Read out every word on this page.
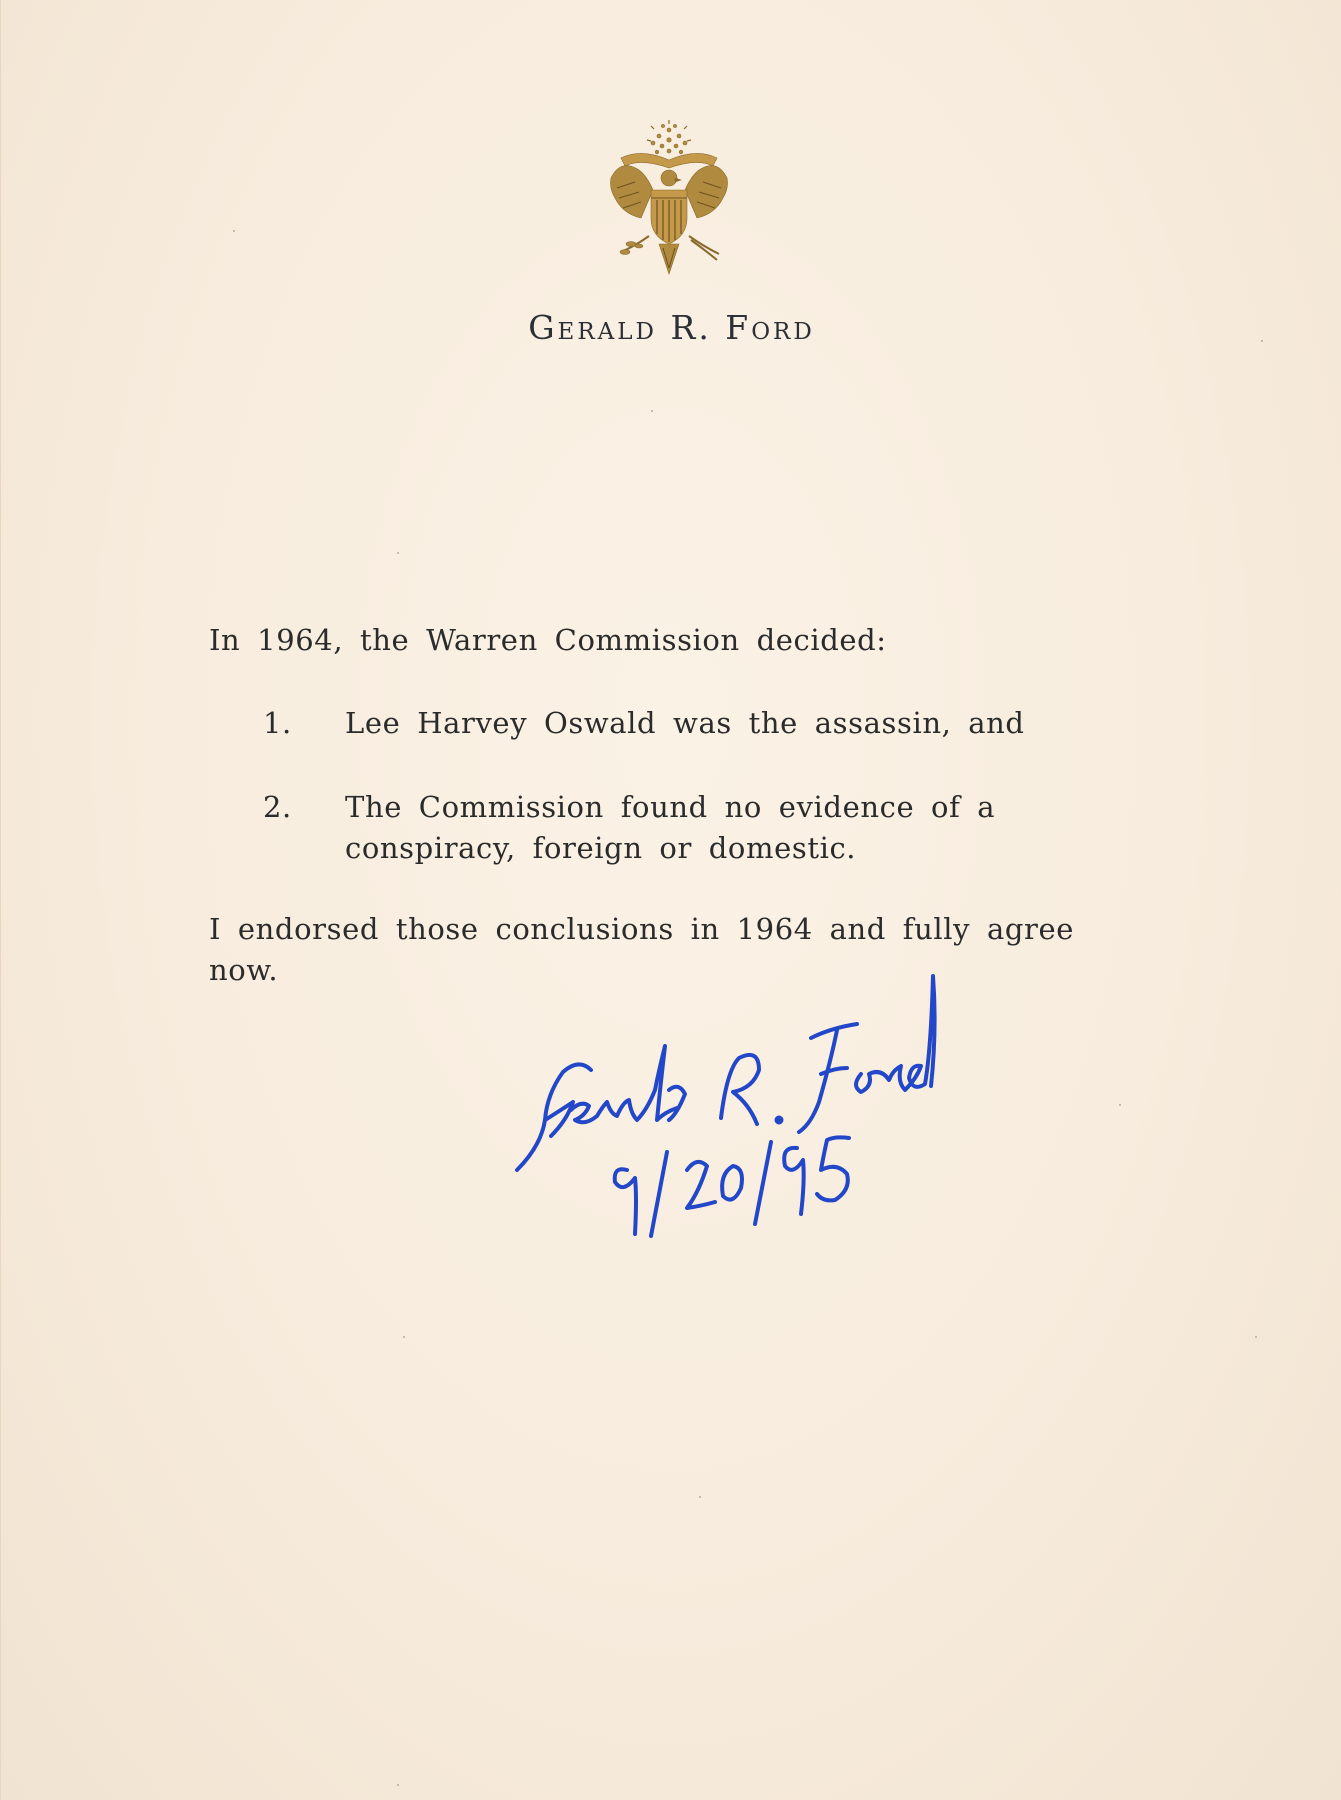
Gerald R. Ford
In 1964, the Warren Commission decided:
1.	Lee Harvey Oswald was the assassin, and
2.	The Commission found no evidence of a conspiracy, foreign or domestic.
I endorsed those conclusions in 1964 and fully agree now.
